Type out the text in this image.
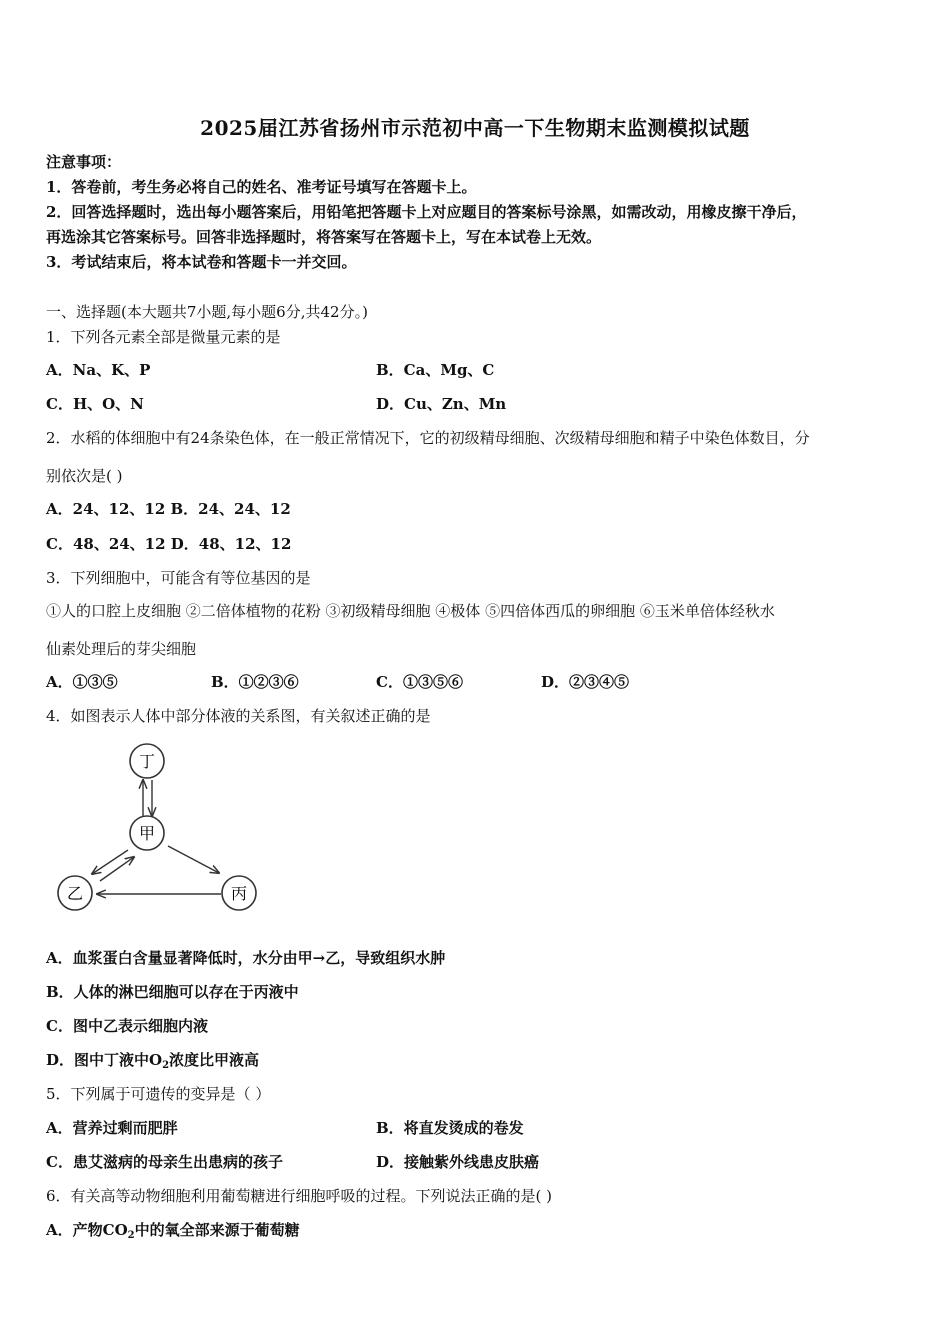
2025届江苏省扬州市示范初中高一下生物期末监测模拟试题
注意事项：
1．答卷前，考生务必将自己的姓名、准考证号填写在答题卡上。
2．回答选择题时，选出每小题答案后，用铅笔把答题卡上对应题目的答案标号涂黑，如需改动，用橡皮擦干净后，
再选涂其它答案标号。回答非选择题时，将答案写在答题卡上，写在本试卷上无效。
3．考试结束后，将本试卷和答题卡一并交回。
一、选择题(本大题共7小题,每小题6分,共42分。)
1．下列各元素全部是微量元素的是
A．Na、K、P	B．Ca、Mg、C
C．H、O、N	D．Cu、Zn、Mn
2．水稻的体细胞中有24条染色体，在一般正常情况下，它的初级精母细胞、次级精母细胞和精子中染色体数目，分
别依次是( )
A．24、12、12 B．24、24、12
C．48、24、12 D．48、12、12
3．下列细胞中，可能含有等位基因的是
①人的口腔上皮细胞 ②二倍体植物的花粉 ③初级精母细胞 ④极体 ⑤四倍体西瓜的卵细胞 ⑥玉米单倍体经秋水
仙素处理后的芽尖细胞
A．①③⑤	B．①②③⑥	C．①③⑤⑥	D．②③④⑤
4．如图表示人体中部分体液的关系图，有关叙述正确的是
丁
甲
乙	丙
A．血浆蛋白含量显著降低时，水分由甲→乙，导致组织水肿
B．人体的淋巴细胞可以存在于丙液中
C．图中乙表示细胞内液
D．图中丁液中$O_2$浓度比甲液高
5．下列属于可遗传的变异是（ ）
A．营养过剩而肥胖	B．将直发烫成的卷发
C．患艾滋病的母亲生出患病的孩子	D．接触紫外线患皮肤癌
6．有关高等动物细胞利用葡萄糖进行细胞呼吸的过程。下列说法正确的是( )
A．产物$CO_2$中的氧全部来源于葡萄糖
